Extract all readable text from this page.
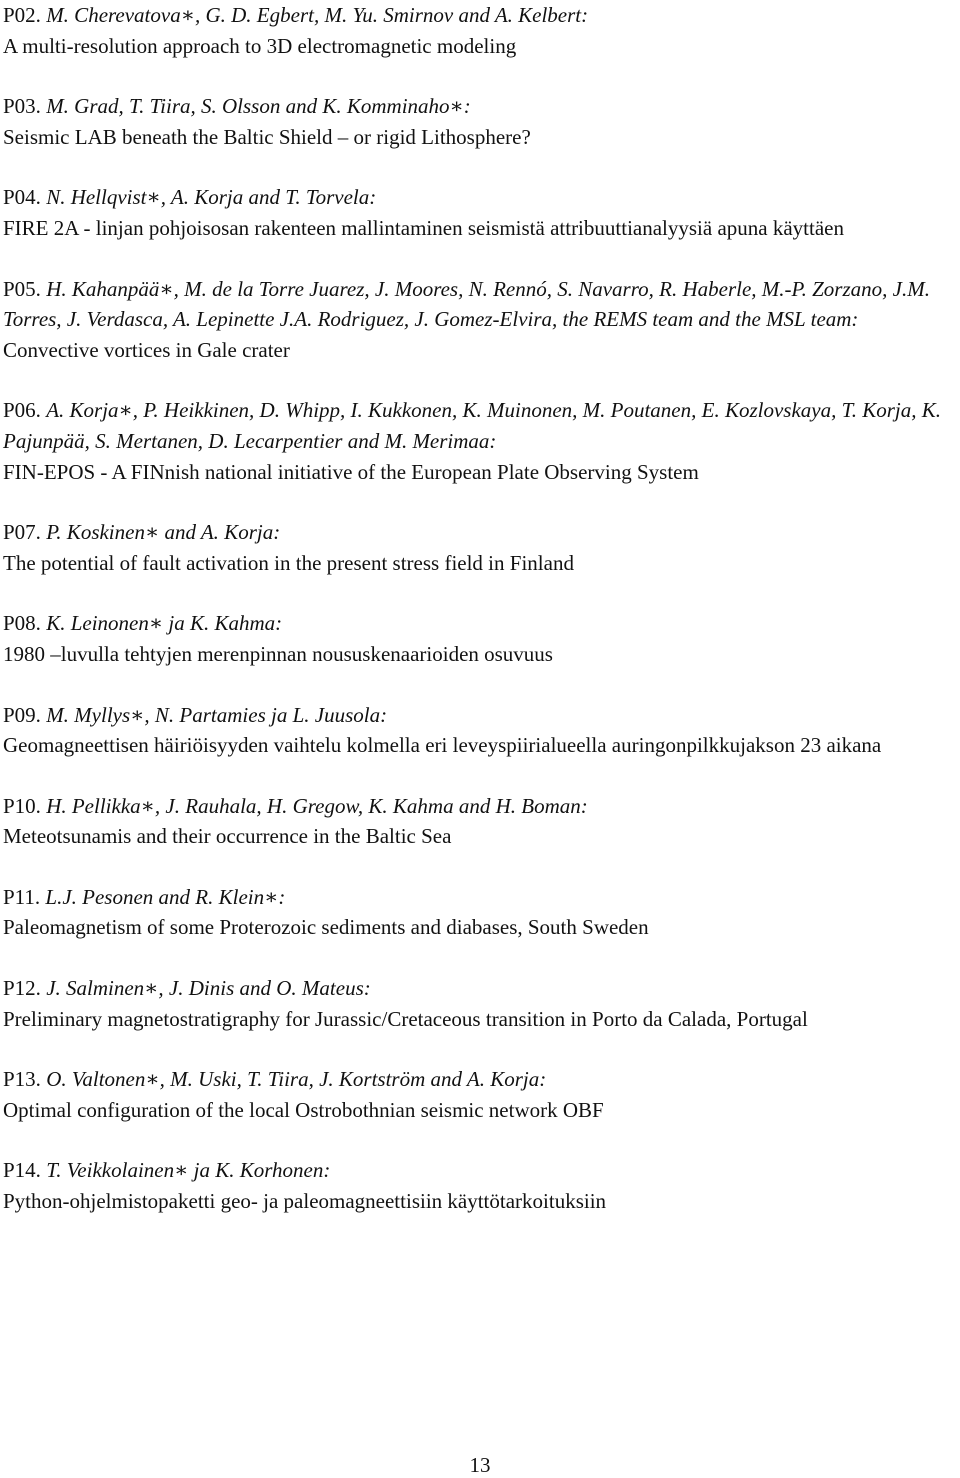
P02. M. Cherevatova∗, G. D. Egbert, M. Yu. Smirnov and A. Kelbert:
A multi-resolution approach to 3D electromagnetic modeling
P03. M. Grad, T. Tiira, S. Olsson and K. Komminaho∗:
Seismic LAB beneath the Baltic Shield – or rigid Lithosphere?
P04. N. Hellqvist∗, A. Korja and T. Torvela:
FIRE 2A - linjan pohjoisosan rakenteen mallintaminen seismistä attribuuttianalyysiä apuna käyttäen
P05. H. Kahanpää∗, M. de la Torre Juarez, J. Moores, N. Rennó, S. Navarro, R. Haberle, M.-P. Zorzano, J.M. Torres, J. Verdasca, A. Lepinette J.A. Rodriguez, J. Gomez-Elvira, the REMS team and the MSL team:
Convective vortices in Gale crater
P06. A. Korja∗, P. Heikkinen, D. Whipp, I. Kukkonen, K. Muinonen, M. Poutanen, E. Kozlovskaya, T. Korja, K. Pajunpää, S. Mertanen, D. Lecarpentier and M. Merimaa:
FIN-EPOS - A FINnish national initiative of the European Plate Observing System
P07. P. Koskinen∗ and A. Korja:
The potential of fault activation in the present stress field in Finland
P08. K. Leinonen∗ ja K. Kahma:
1980 –luvulla tehtyjen merenpinnan noususkenaarioiden osuvuus
P09. M. Myllys∗, N. Partamies ja L. Juusola:
Geomagneettisen häiriöisyyden vaihtelu kolmella eri leveyspiirialueella auringonpilkkujakson 23 aikana
P10. H. Pellikka∗, J. Rauhala, H. Gregow, K. Kahma and H. Boman:
Meteotsunamis and their occurrence in the Baltic Sea
P11. L.J. Pesonen and R. Klein∗:
Paleomagnetism of some Proterozoic sediments and diabases, South Sweden
P12. J. Salminen∗, J. Dinis and O. Mateus:
Preliminary magnetostratigraphy for Jurassic/Cretaceous transition in Porto da Calada, Portugal
P13. O. Valtonen∗, M. Uski, T. Tiira, J. Kortström and A. Korja:
Optimal configuration of the local Ostrobothnian seismic network OBF
P14. T. Veikkolainen∗ ja K. Korhonen:
Python-ohjelmistopaketti geo- ja paleomagneettisiin käyttötarkoituksiin
13
